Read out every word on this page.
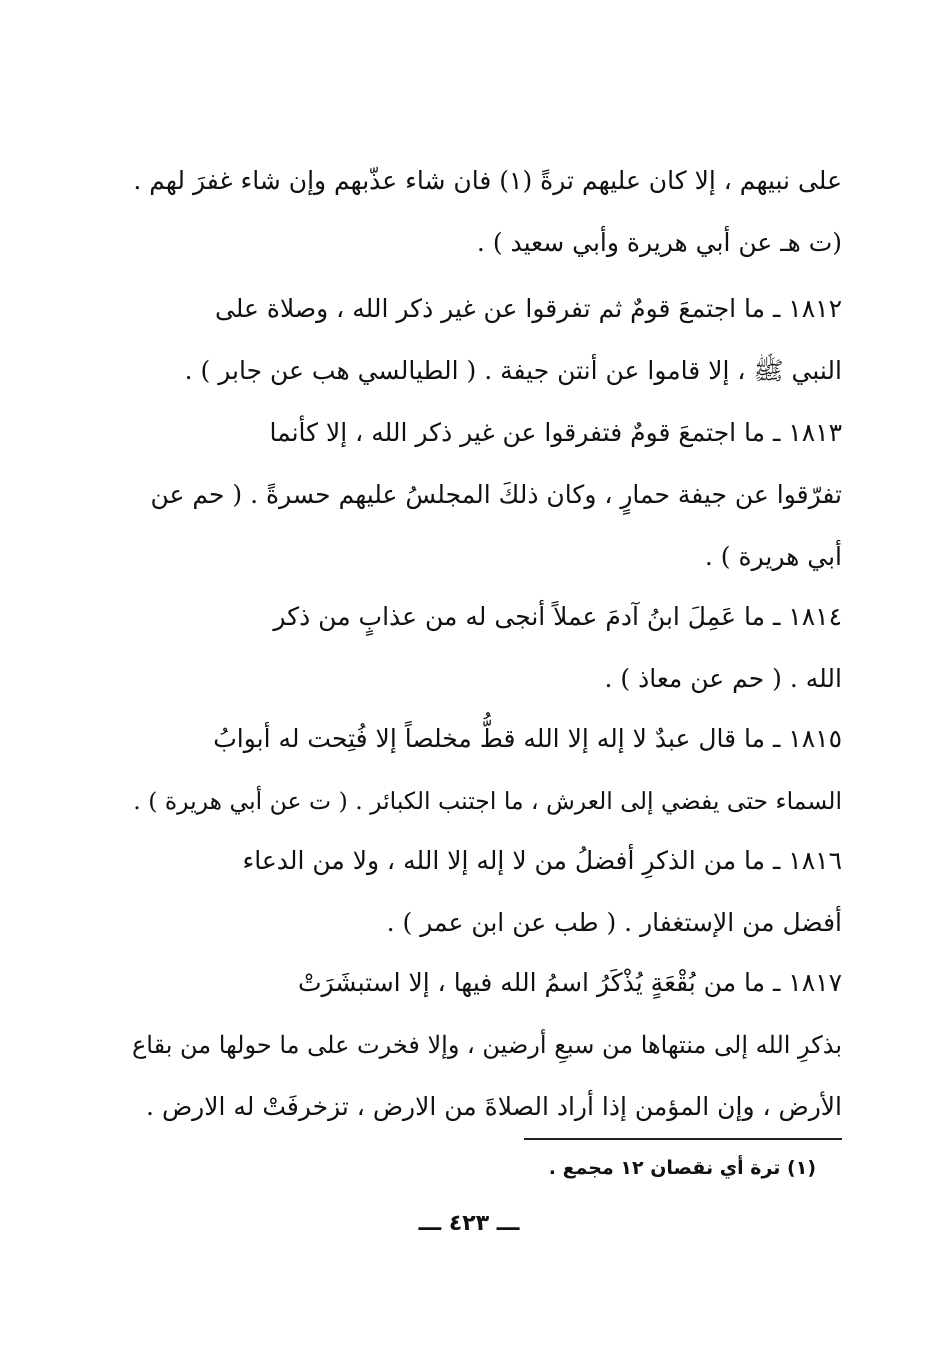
على نبيهم ، إلا كان عليهم ترةً (١) فان شاء عذّبهم وإن شاء غفرَ لهم .
(ت هـ عن أبي هريرة وأبي سعيد ) .
١٨١٢ ـ ما اجتمعَ قومٌ ثم تفرقوا عن غير ذكر الله ، وصلاة على
النبي ﷺ ، إلا قاموا عن أنتن جيفة . ( الطيالسي هب عن جابر ) .
١٨١٣ ـ ما اجتمعَ قومٌ فتفرقوا عن غير ذكر الله ، إلا كأنما
تفرّقوا عن جيفة حمارٍ ، وكان ذلكَ المجلسُ عليهم حسرةً . ( حم عن
أبي هريرة ) .
١٨١٤ ـ ما عَمِلَ ابنُ آدمَ عملاً أنجى له من عذابٍ من ذكر
الله . ( حم عن معاذ ) .
١٨١٥ ـ ما قال عبدٌ لا إله إلا الله قطُّ مخلصاً إلا فُتِحت له أبوابُ
السماء حتى يفضي إلى العرش ، ما اجتنب الكبائر . ( ت عن أبي هريرة ) .
١٨١٦ ـ ما من الذكرِ أفضلُ من لا إله إلا الله ، ولا من الدعاء
أفضل من الإستغفار . ( طب عن ابن عمر ) .
١٨١٧ ـ ما من بُقْعَةٍ يُذْكَرُ اسمُ الله فيها ، إلا استبشَرَتْ
بذكرِ الله إلى منتهاها من سبعِ أرضين ، وإلا فخرت على ما حولها من بقاع
الأرض ، وإن المؤمن إذا أراد الصلاةَ من الارض ، تزخرفَتْ له الارض .
(١) ترة أي نقصان ١٢ مجمع .
ـــ ٤٢٣ ـــ
